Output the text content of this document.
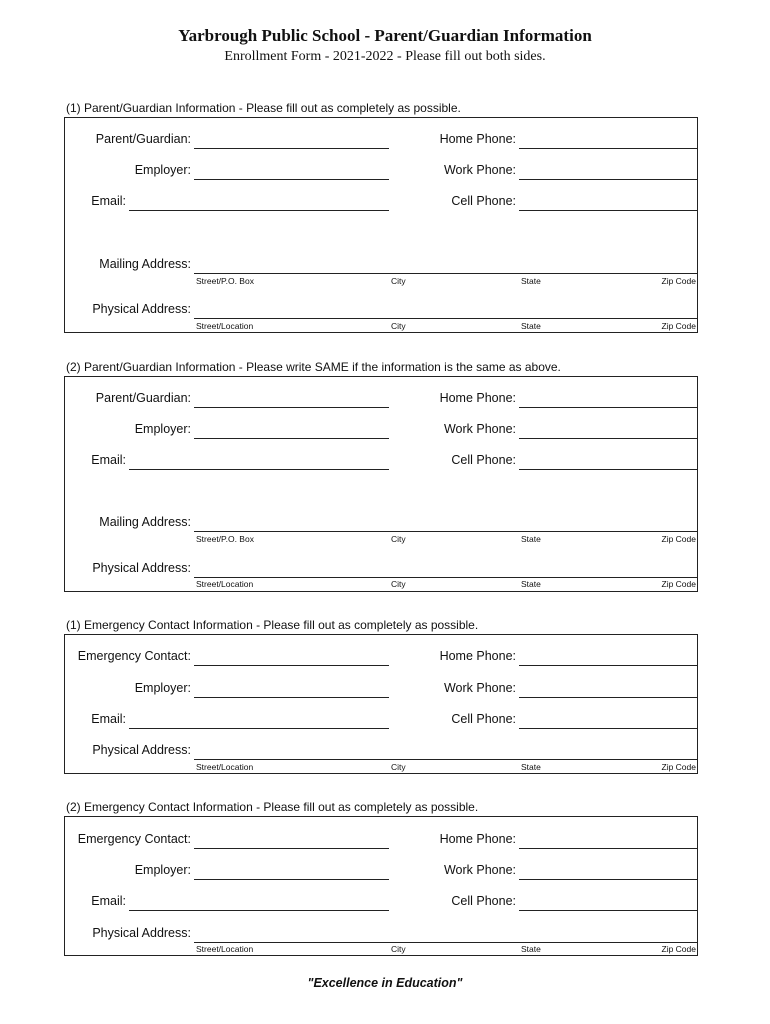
Yarbrough Public School - Parent/Guardian Information
Enrollment Form - 2021-2022 - Please fill out both sides.
(1) Parent/Guardian Information - Please fill out as completely as possible.
Parent/Guardian:	Home Phone:
Employer:	Work Phone:
Email:	Cell Phone:
Mailing Address:
Street/P.O. Box	City	State	Zip Code
Physical Address:
Street/Location	City	State	Zip Code
(2) Parent/Guardian Information - Please write SAME if the information is the same as above.
Parent/Guardian:	Home Phone:
Employer:	Work Phone:
Email:	Cell Phone:
Mailing Address:
Street/P.O. Box	City	State	Zip Code
Physical Address:
Street/Location	City	State	Zip Code
(1) Emergency Contact Information - Please fill out as completely as possible.
Emergency Contact:	Home Phone:
Employer:	Work Phone:
Email:	Cell Phone:
Physical Address:
Street/Location	City	State	Zip Code
(2) Emergency Contact Information - Please fill out as completely as possible.
Emergency Contact:	Home Phone:
Employer:	Work Phone:
Email:	Cell Phone:
Physical Address:
Street/Location	City	State	Zip Code
"Excellence in Education"
